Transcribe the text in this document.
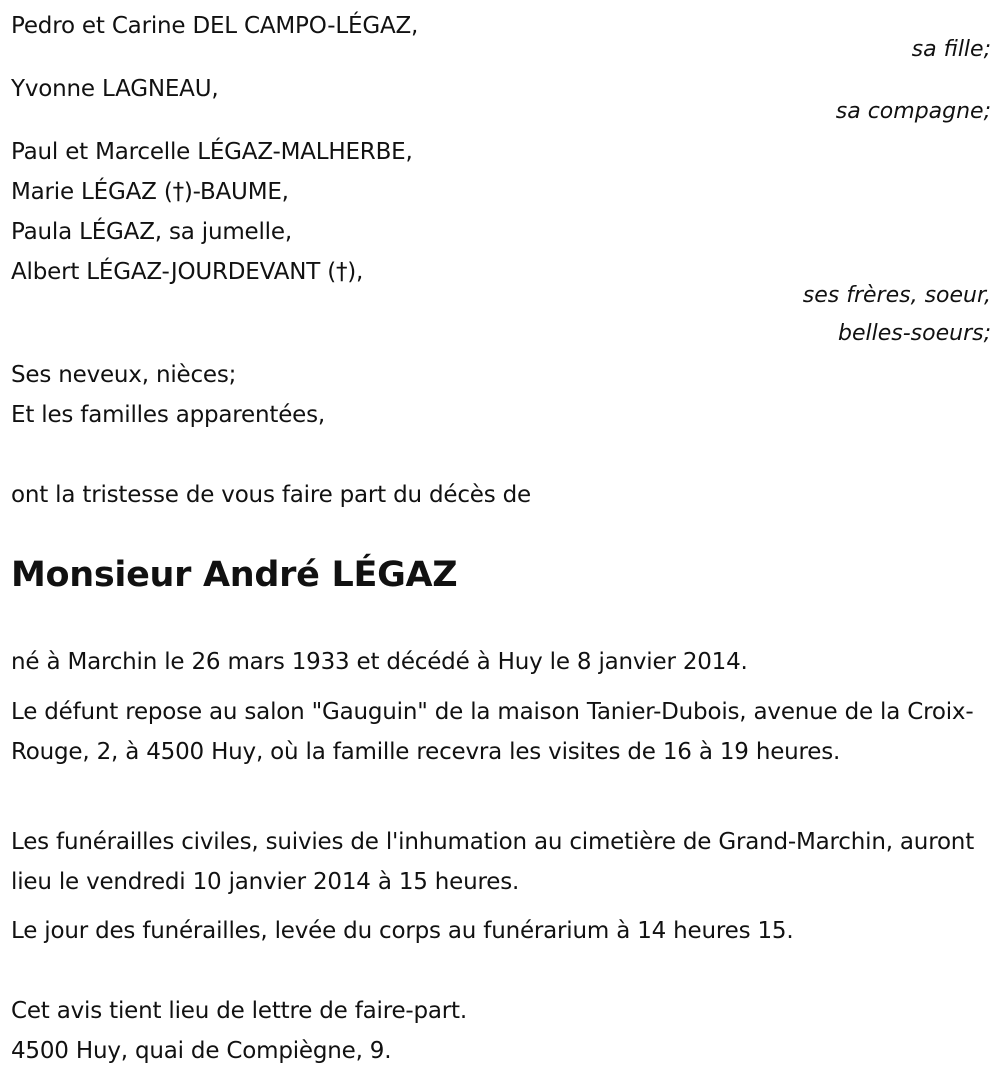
Pedro et Carine DEL CAMPO-LÉGAZ,
sa fille;
Yvonne LAGNEAU,
sa compagne;
Paul et Marcelle LÉGAZ-MALHERBE,
Marie LÉGAZ (†)-BAUME,
Paula LÉGAZ, sa jumelle,
Albert LÉGAZ-JOURDEVANT (†),
ses frères, soeur,
belles-soeurs;
Ses neveux, nièces;
Et les familles apparentées,
ont la tristesse de vous faire part du décès de
Monsieur André LÉGAZ
né à Marchin le 26 mars 1933 et décédé à Huy le 8 janvier 2014.
Le défunt repose au salon "Gauguin" de la maison Tanier-Dubois, avenue de la Croix-Rouge, 2, à 4500 Huy, où la famille recevra les visites de 16 à 19 heures.
Les funérailles civiles, suivies de l'inhumation au cimetière de Grand-Marchin, auront lieu le vendredi 10 janvier 2014 à 15 heures.
Le jour des funérailles, levée du corps au funérarium à 14 heures 15.
Cet avis tient lieu de lettre de faire-part.
4500 Huy, quai de Compiègne, 9.
